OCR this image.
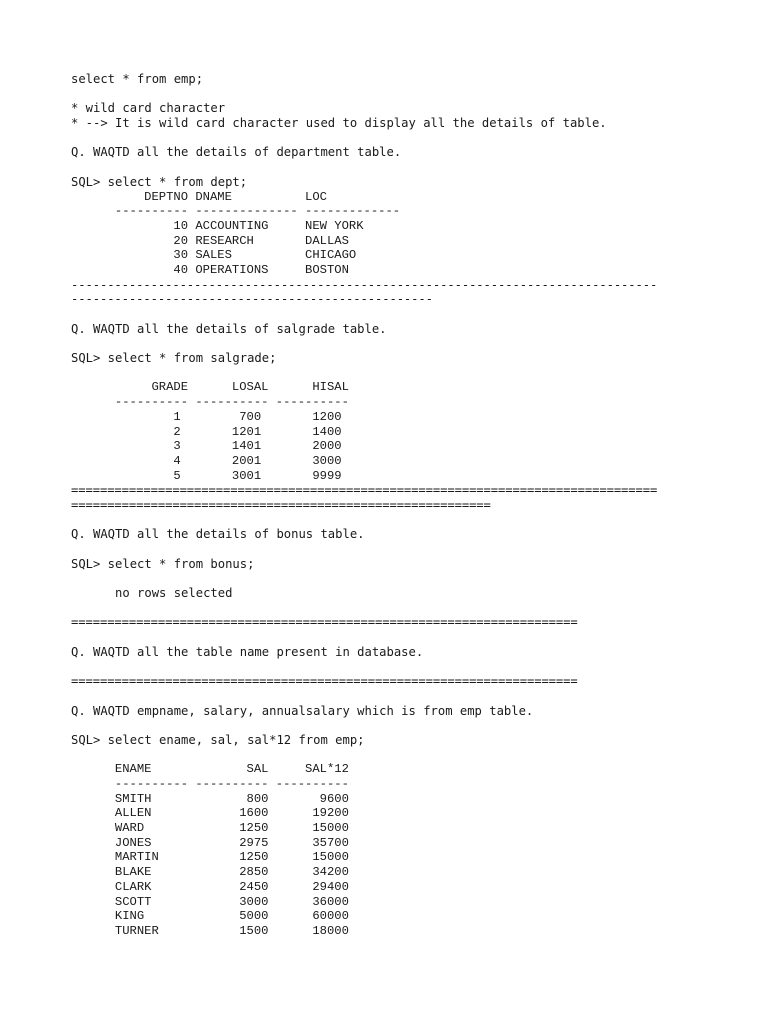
select * from emp;
* wild card character
* --> It is wild card character used to display all the details of table.
Q. WAQTD all the details of department table.
SQL> select * from dept;
DEPTNO DNAME          LOC
---------- -------------- -------------
10 ACCOUNTING     NEW YORK
20 RESEARCH       DALLAS
30 SALES          CHICAGO
40 OPERATIONS     BOSTON
---------------------------------------------------------------------------------
--------------------------------------------------
Q. WAQTD all the details of salgrade table.
SQL> select * from salgrade;
GRADE      LOSAL      HISAL
---------- ---------- ----------
1        700       1200
2       1201       1400
3       1401       2000
4       2001       3000
5       3001       9999
=================================================================================
==========================================================
Q. WAQTD all the details of bonus table.
SQL> select * from bonus;
no rows selected
======================================================================
Q. WAQTD all the table name present in database.
======================================================================
Q. WAQTD empname, salary, annualsalary which is from emp table.
SQL> select ename, sal, sal*12 from emp;
ENAME             SAL     SAL*12
---------- ---------- ----------
SMITH             800       9600
ALLEN            1600      19200
WARD             1250      15000
JONES            2975      35700
MARTIN           1250      15000
BLAKE            2850      34200
CLARK            2450      29400
SCOTT            3000      36000
KING             5000      60000
TURNER           1500      18000
